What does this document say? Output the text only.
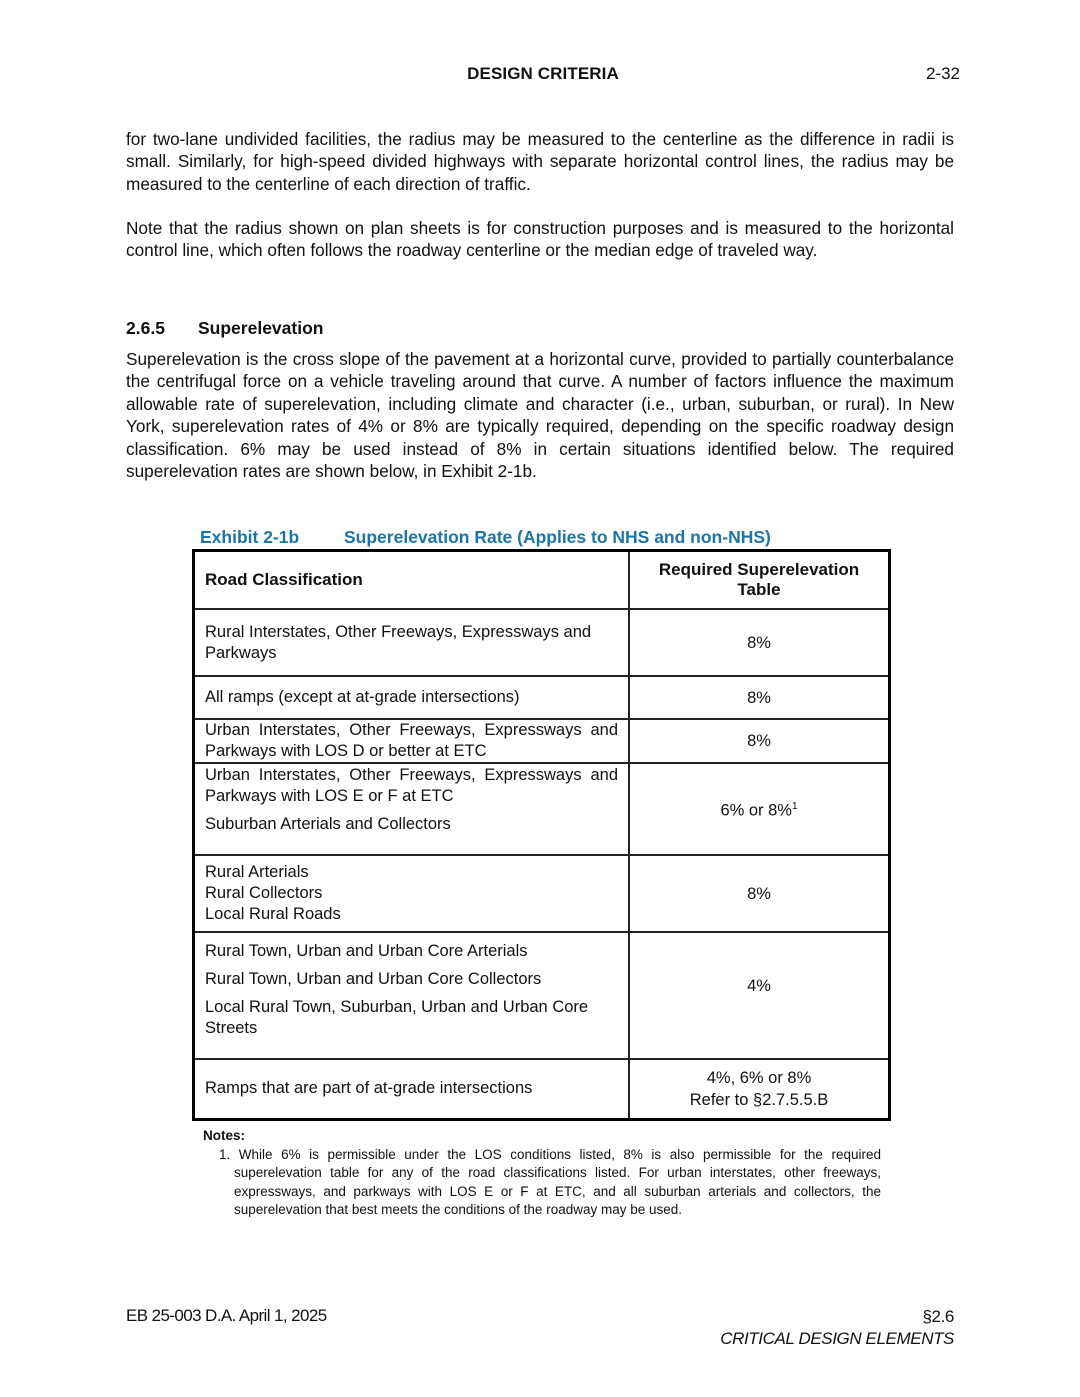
DESIGN CRITERIA	2-32
for two-lane undivided facilities, the radius may be measured to the centerline as the difference in radii is small. Similarly, for high-speed divided highways with separate horizontal control lines, the radius may be measured to the centerline of each direction of traffic.
Note that the radius shown on plan sheets is for construction purposes and is measured to the horizontal control line, which often follows the roadway centerline or the median edge of traveled way.
2.6.5 Superelevation
Superelevation is the cross slope of the pavement at a horizontal curve, provided to partially counterbalance the centrifugal force on a vehicle traveling around that curve. A number of factors influence the maximum allowable rate of superelevation, including climate and character (i.e., urban, suburban, or rural). In New York, superelevation rates of 4% or 8% are typically required, depending on the specific roadway design classification. 6% may be used instead of 8% in certain situations identified below. The required superelevation rates are shown below, in Exhibit 2-1b.
Exhibit 2-1b	Superelevation Rate (Applies to NHS and non-NHS)
Road Classification	Required Superelevation
Table
Rural Interstates, Other Freeways, Expressways and Parkways	8%
All ramps (except at at-grade intersections)	8%
Urban Interstates, Other Freeways, Expressways and Parkways with LOS D or better at ETC	8%

Urban Interstates, Other Freeways, Expressways and Parkways with LOS E or F at ETC
Suburban Arterials and Collectors	6% or 8%$^1$

Rural Arterials
Rural Collectors
Local Rural Roads	8%

Rural Town, Urban and Urban Core Arterials
Rural Town, Urban and Urban Core Collectors
Local Rural Town, Suburban, Urban and Urban Core Streets	4%
Ramps that are part of at-grade intersections	4%, 6% or 8%
Refer to §2.7.5.5.B
Notes:
1. While 6% is permissible under the LOS conditions listed, 8% is also permissible for the required superelevation table for any of the road classifications listed. For urban interstates, other freeways, expressways, and parkways with LOS E or F at ETC, and all suburban arterials and collectors, the superelevation that best meets the conditions of the roadway may be used.
EB 25-003 D.A. April 1, 2025	§2.6
CRITICAL DESIGN ELEMENTS
